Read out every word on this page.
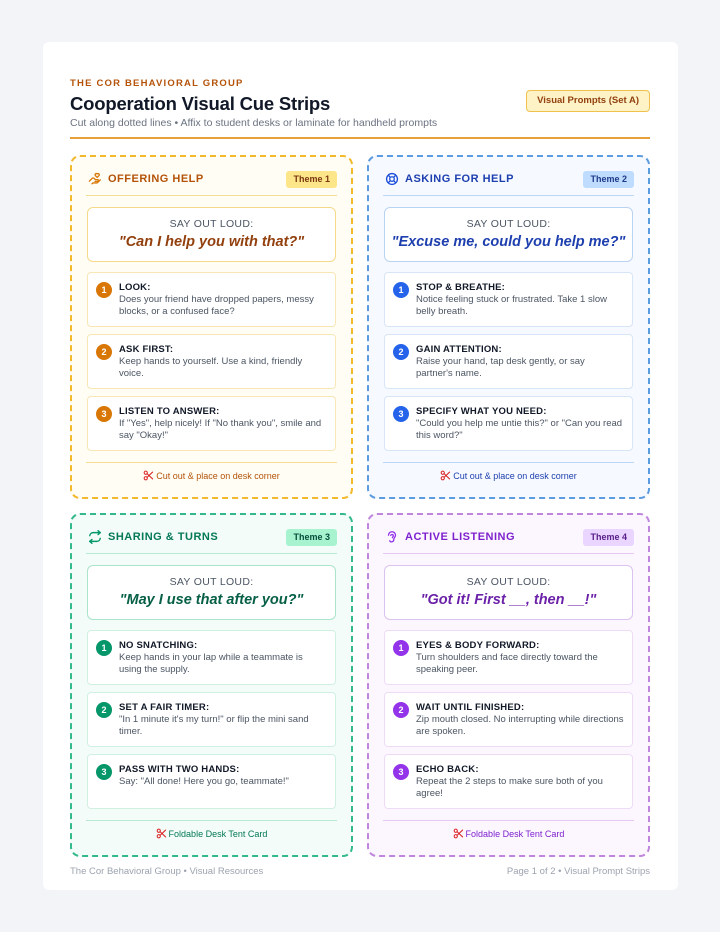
THE COR BEHAVIORAL GROUP
Cooperation Visual Cue Strips
Cut along dotted lines • Affix to student desks or laminate for handheld prompts
Visual Prompts (Set A)
OFFERING HELP	Theme 1
SAY OUT LOUD:
"Can I help you with that?"
1	LOOK:
Does your friend have dropped papers, messy blocks, or a confused face?
2	ASK FIRST:
Keep hands to yourself. Use a kind, friendly voice.
3	LISTEN TO ANSWER:
If "Yes", help nicely! If "No thank you", smile and say "Okay!"
Cut out & place on desk corner
ASKING FOR HELP	Theme 2
SAY OUT LOUD:
"Excuse me, could you help me?"
1	STOP & BREATHE:
Notice feeling stuck or frustrated. Take 1 slow belly breath.
2	GAIN ATTENTION:
Raise your hand, tap desk gently, or say partner's name.
3	SPECIFY WHAT YOU NEED:
"Could you help me untie this?" or "Can you read this word?"
Cut out & place on desk corner
SHARING & TURNS	Theme 3
SAY OUT LOUD:
"May I use that after you?"
1	NO SNATCHING:
Keep hands in your lap while a teammate is using the supply.
2	SET A FAIR TIMER:
"In 1 minute it's my turn!" or flip the mini sand timer.
3	PASS WITH TWO HANDS:
Say: "All done! Here you go, teammate!"
Foldable Desk Tent Card
ACTIVE LISTENING	Theme 4
SAY OUT LOUD:
"Got it! First __, then __!"
1	EYES & BODY FORWARD:
Turn shoulders and face directly toward the speaking peer.
2	WAIT UNTIL FINISHED:
Zip mouth closed. No interrupting while directions are spoken.
3	ECHO BACK:
Repeat the 2 steps to make sure both of you agree!
Foldable Desk Tent Card
The Cor Behavioral Group • Visual Resources	Page 1 of 2 • Visual Prompt Strips
